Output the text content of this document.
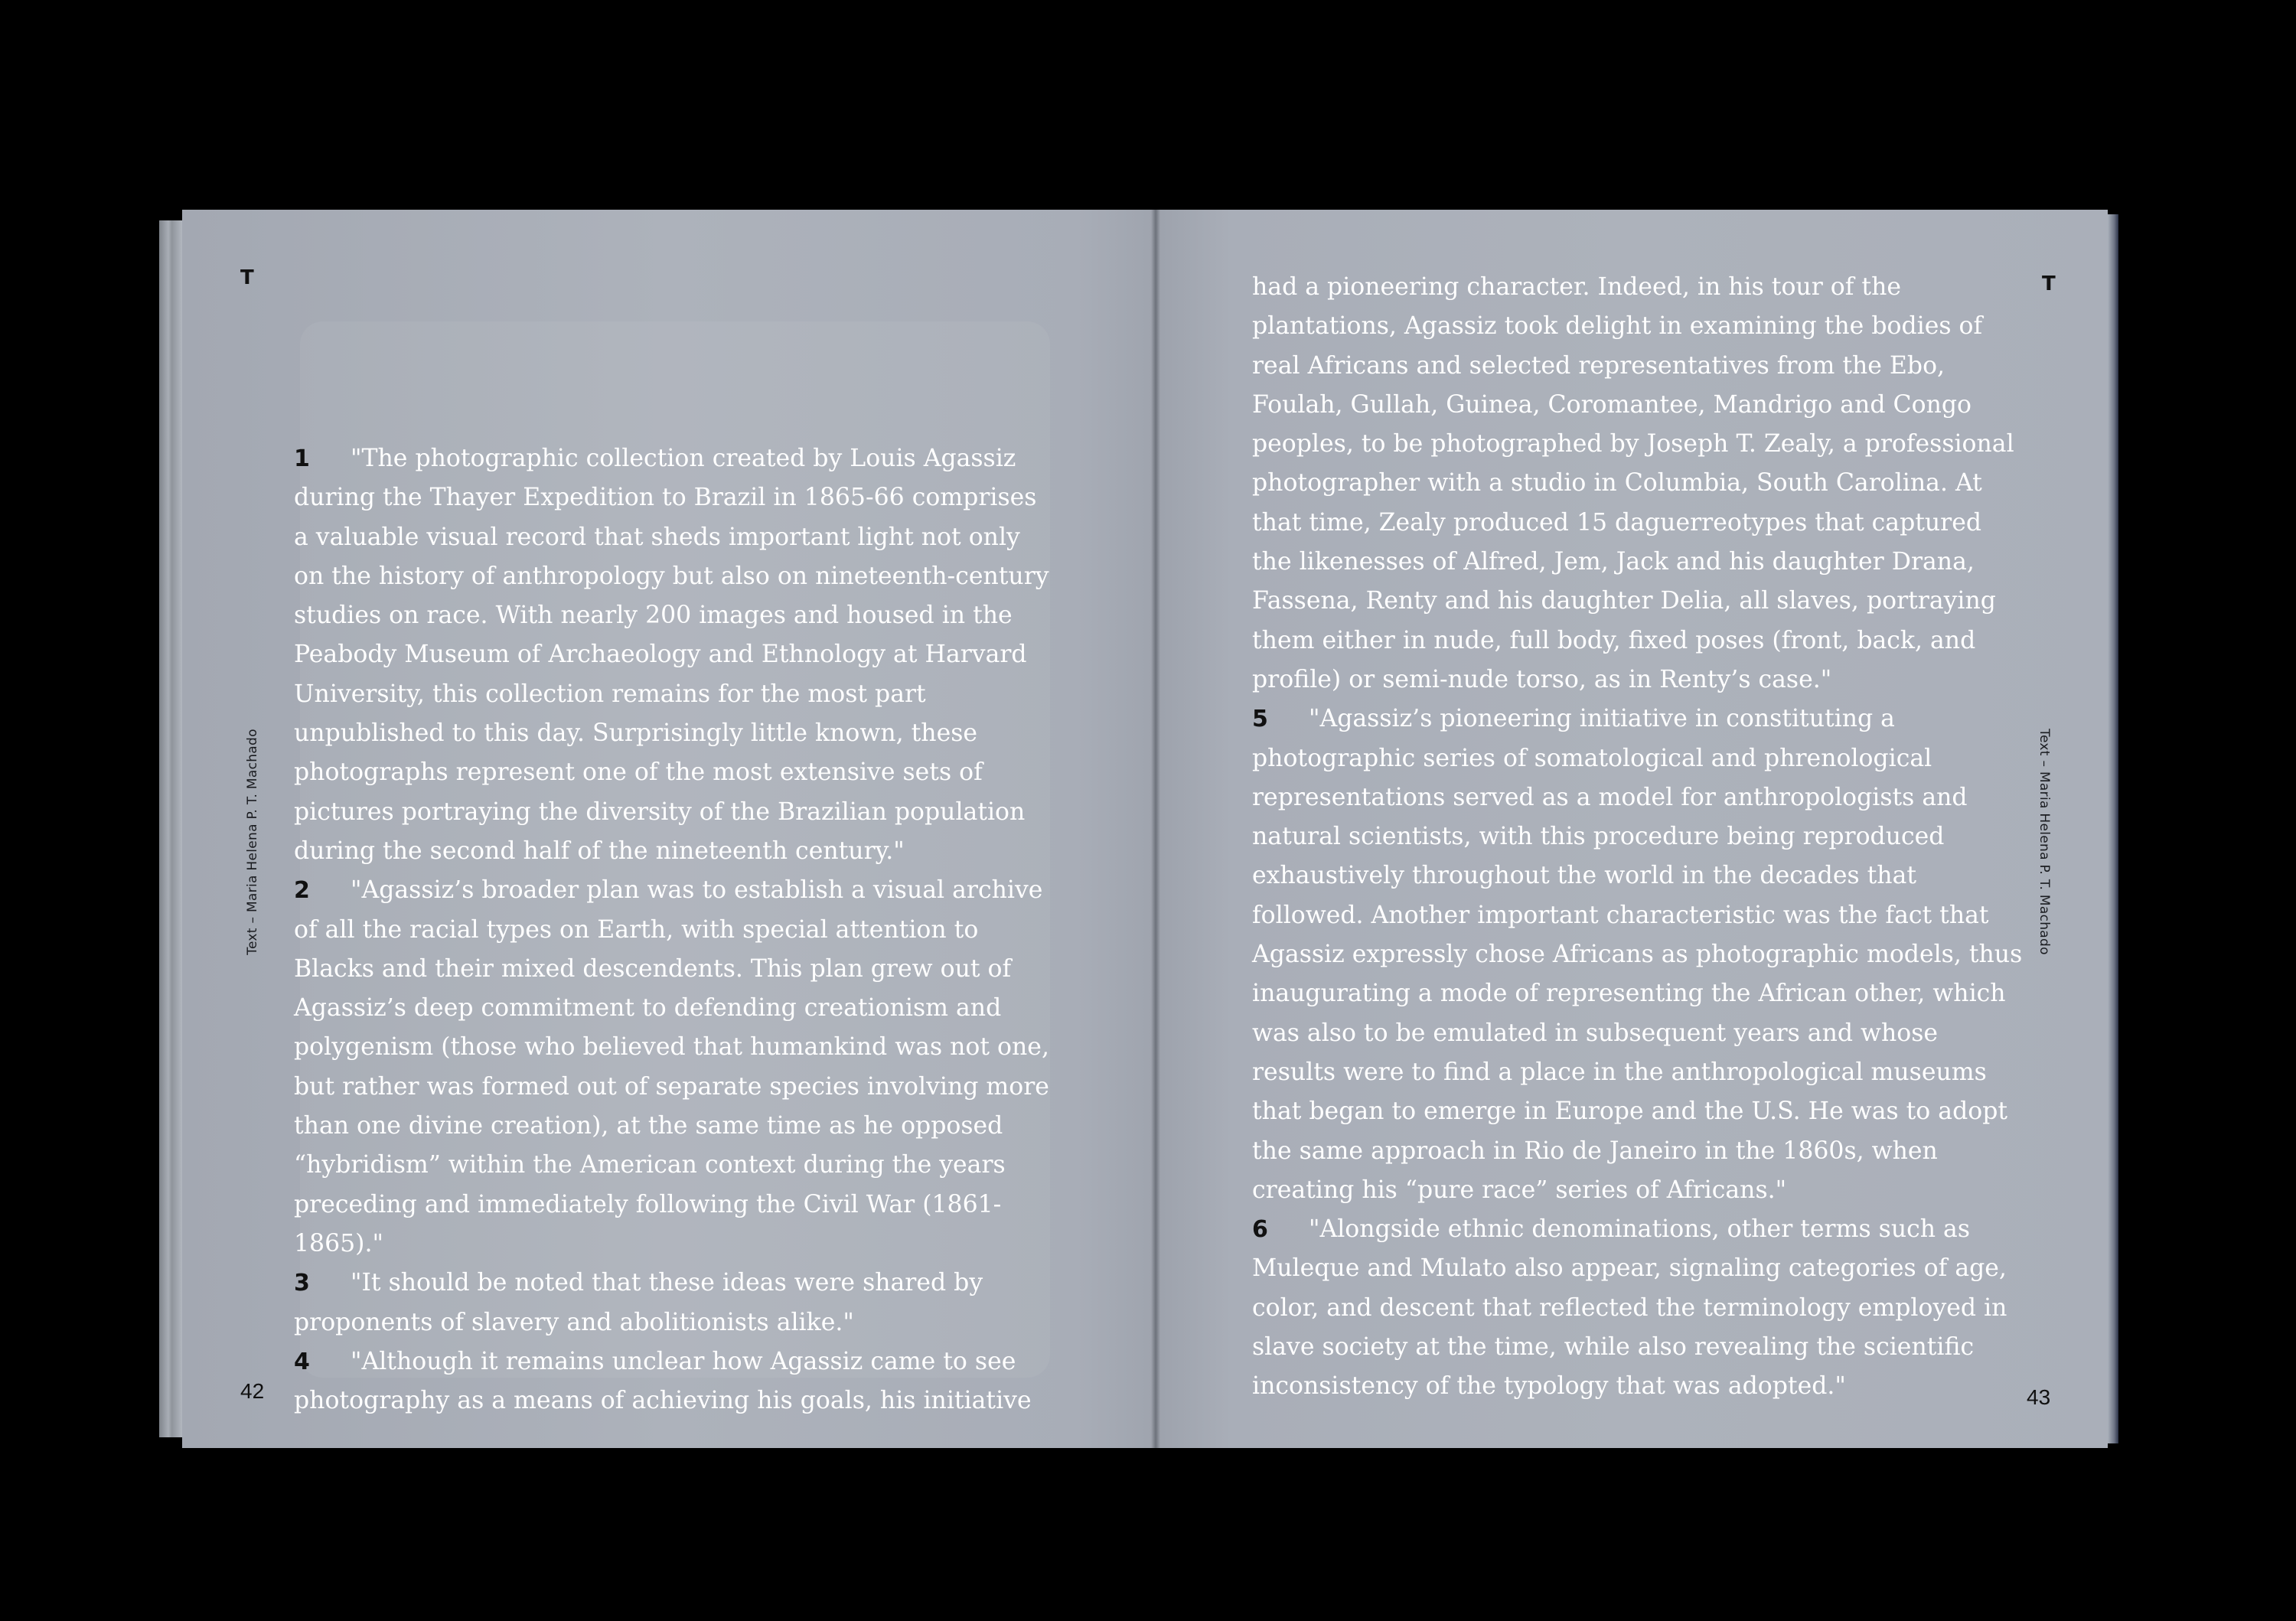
T
Text – Maria Helena P. T. Machado
42
T
Text – Maria Helena P. T. Machado
43

1 "The photographic collection created by Louis Agassiz during the Thayer Expedition to Brazil in 1865-66 comprises a valuable visual record that sheds important light not only on the history of anthropology but also on nineteenth-century studies on race. With nearly 200 images and housed in the Peabody Museum of Archaeology and Ethnology at Harvard University, this collection remains for the most part unpublished to this day. Surprisingly little known, these photographs represent one of the most extensive sets of pictures portraying the diversity of the Brazilian population during the second half of the nineteenth century."

2 "Agassiz’s broader plan was to establish a visual archive of all the racial types on Earth, with special attention to Blacks and their mixed descendents. This plan grew out of Agassiz’s deep commitment to defending creationism and polygenism (those who believed that humankind was not one, but rather was formed out of separate species involving more than one divine creation), at the same time as he opposed “hybridism” within the American context during the years preceding and immediately following the Civil War (1861-1865)."

3 "It should be noted that these ideas were shared by proponents of slavery and abolitionists alike."

4 "Although it remains unclear how Agassiz came to see photography as a means of achieving his goals, his initiative

had a pioneering character. Indeed, in his tour of the plantations, Agassiz took delight in examining the bodies of real Africans and selected representatives from the Ebo, Foulah, Gullah, Guinea, Coromantee, Mandrigo and Congo peoples, to be photographed by Joseph T. Zealy, a professional photographer with a studio in Columbia, South Carolina. At that time, Zealy produced 15 daguerreotypes that captured the likenesses of Alfred, Jem, Jack and his daughter Drana, Fassena, Renty and his daughter Delia, all slaves, portraying them either in nude, full body, fixed poses (front, back, and profile) or semi-nude torso, as in Renty’s case."

5 "Agassiz’s pioneering initiative in constituting a photographic series of somatological and phrenological representations served as a model for anthropologists and natural scientists, with this procedure being reproduced exhaustively throughout the world in the decades that followed. Another important characteristic was the fact that Agassiz expressly chose Africans as photographic models, thus inaugurating a mode of representing the African other, which was also to be emulated in subsequent years and whose results were to find a place in the anthropological museums that began to emerge in Europe and the U.S. He was to adopt the same approach in Rio de Janeiro in the 1860s, when creating his “pure race” series of Africans."

6 "Alongside ethnic denominations, other terms such as Muleque and Mulato also appear, signaling categories of age, color, and descent that reflected the terminology employed in slave society at the time, while also revealing the scientific inconsistency of the typology that was adopted."
